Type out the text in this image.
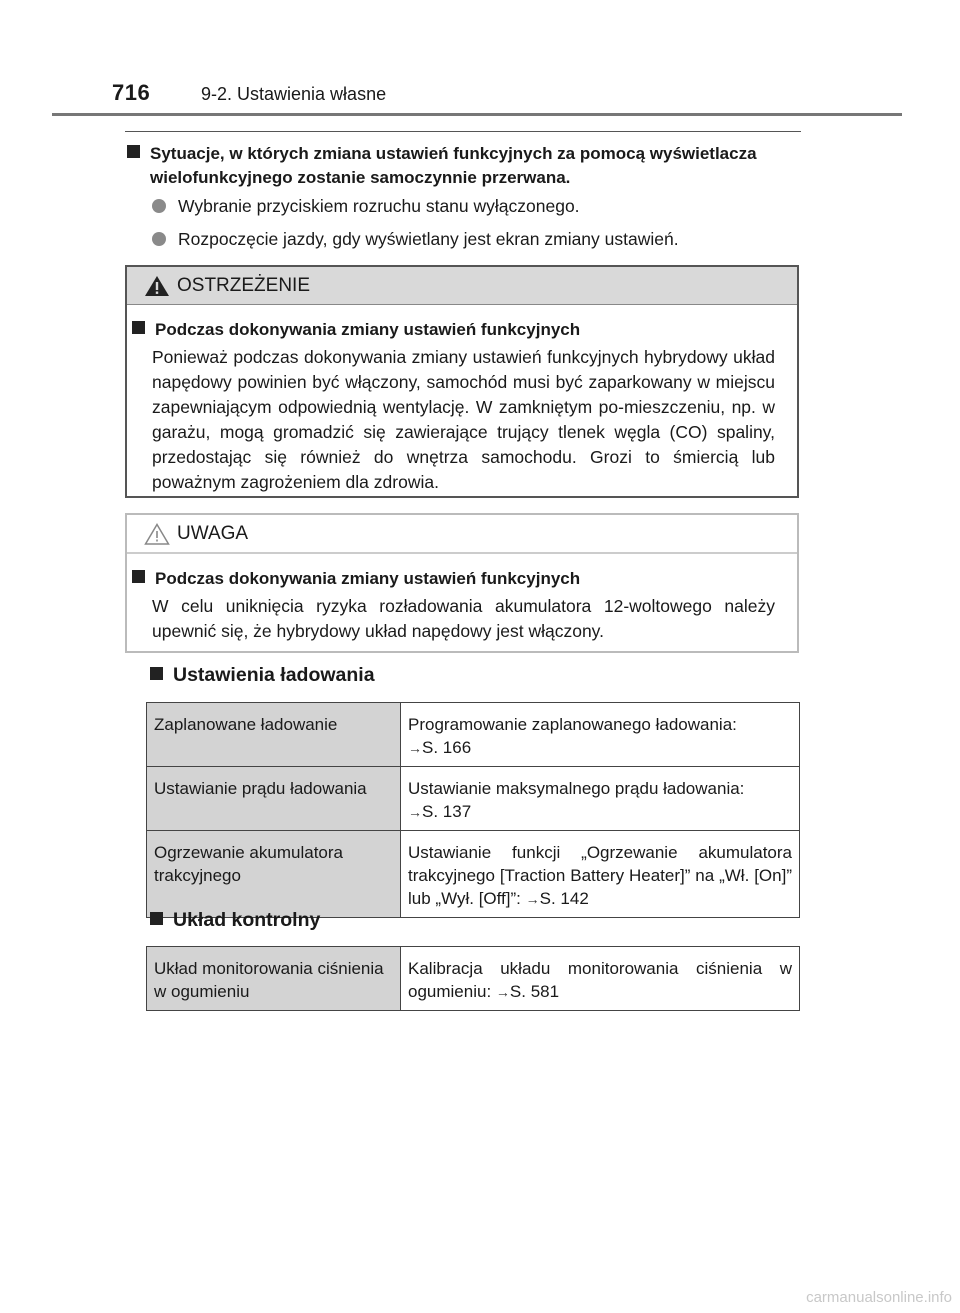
716	9-2. Ustawienia własne
Sytuacje, w których zmiana ustawień funkcyjnych za pomocą wyświetlacza
wielofunkcyjnego zostanie samoczynnie przerwana.
Wybranie przyciskiem rozruchu stanu wyłączonego.
Rozpoczęcie jazdy, gdy wyświetlany jest ekran zmiany ustawień.
OSTRZEŻENIE
Podczas dokonywania zmiany ustawień funkcyjnych
Ponieważ podczas dokonywania zmiany ustawień funkcyjnych hybrydowy układ napędowy powinien być włączony, samochód musi być zaparkowany w miejscu zapewniającym odpowiednią wentylację. W zamkniętym po-mieszczeniu, np. w garażu, mogą gromadzić się zawierające trujący tlenek węgla (CO) spaliny, przedostając się również do wnętrza samochodu. Grozi to śmiercią lub poważnym zagrożeniem dla zdrowia.
UWAGA
Podczas dokonywania zmiany ustawień funkcyjnych
W celu uniknięcia ryzyka rozładowania akumulatora 12-woltowego należy upewnić się, że hybrydowy układ napędowy jest włączony.
Ustawienia ładowania
Zaplanowane ładowanie	Programowanie zaplanowanego ładowania:
→S. 166
Ustawianie prądu ładowania	Ustawianie maksymalnego prądu ładowania:
→S. 137
Ogrzewanie akumulatora trakcyjnego	Ustawianie funkcji „Ogrzewanie akumulatora trakcyjnego [Traction Battery Heater]” na „Wł. [On]” lub „Wył. [Off]”: →S. 142
Układ kontrolny
Układ monitorowania ciśnienia w ogumieniu	Kalibracja układu monitorowania ciśnienia w ogumieniu: →S. 581
carmanualsonline.info
